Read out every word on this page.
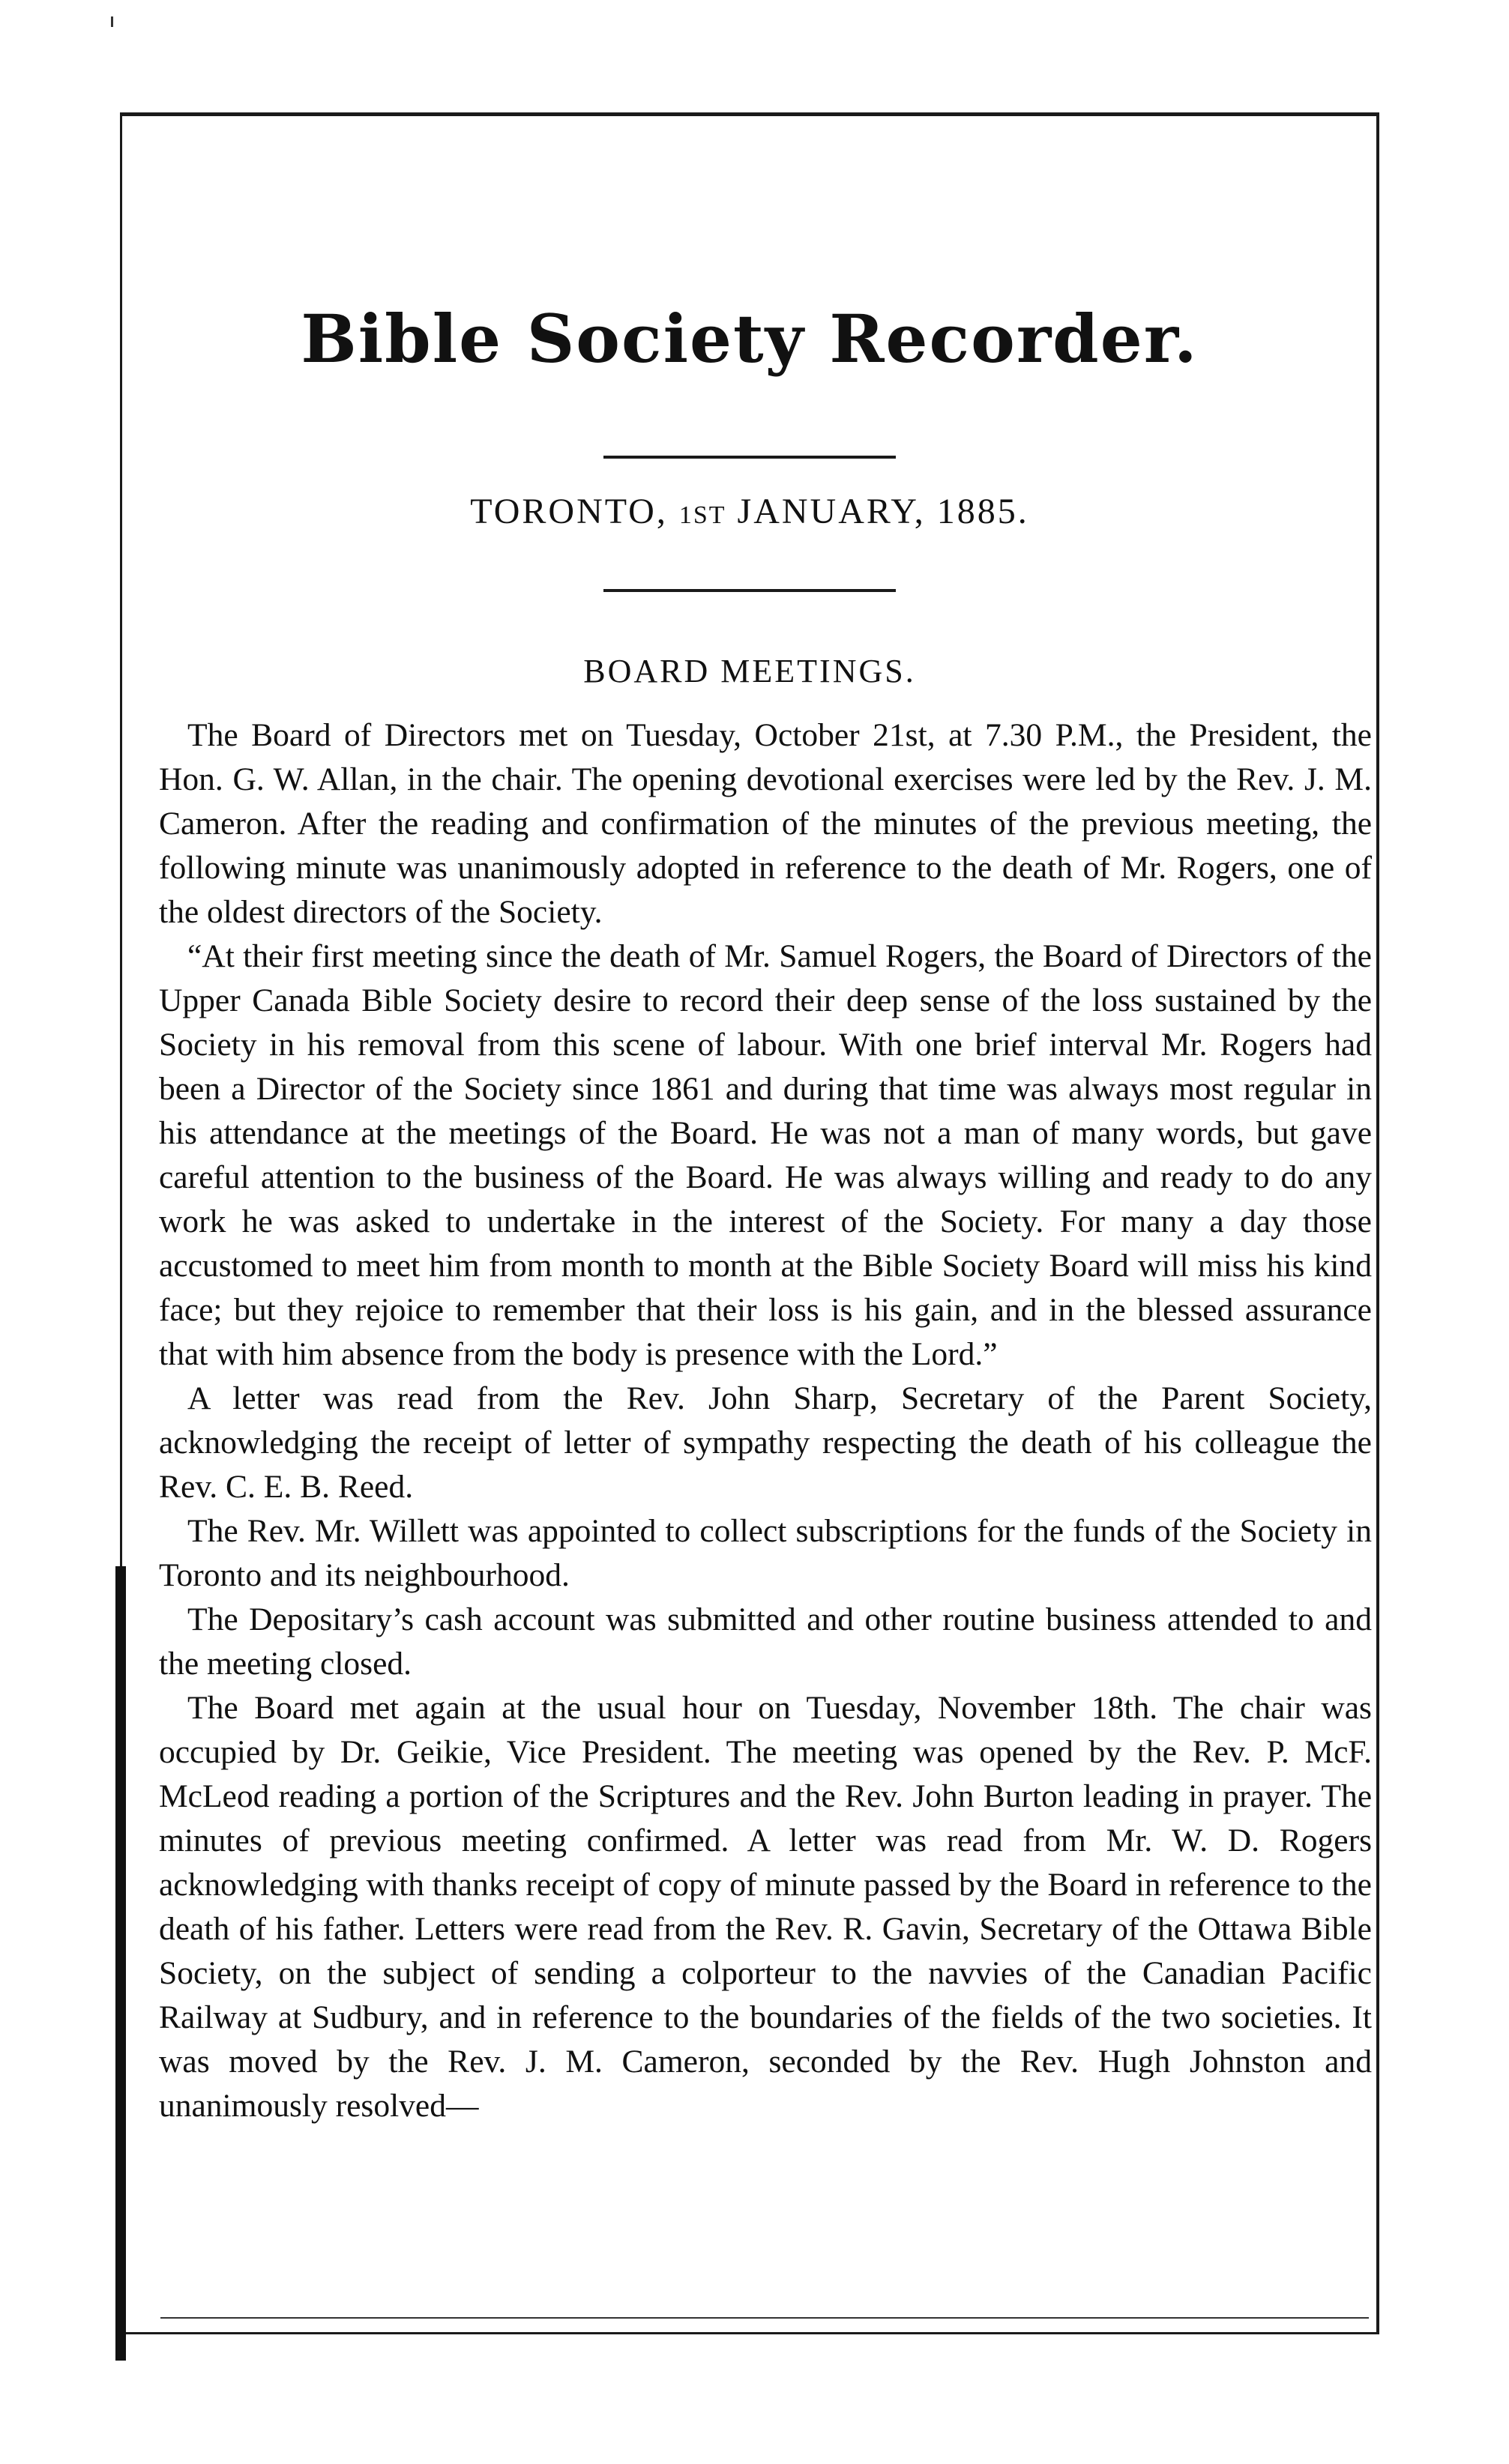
Bible Society Recorder.
TORONTO, 1ST JANUARY, 1885.
BOARD MEETINGS.

The Board of Directors met on Tuesday, October 21st, at 7.30 P.M., the President, the Hon. G. W. Allan, in the chair. The opening devotional exercises were led by the Rev. J. M. Cameron. After the reading and confirmation of the minutes of the previous meeting, the following minute was unanimously adopted in reference to the death of Mr. Rogers, one of the oldest directors of the Society.

“At their first meeting since the death of Mr. Samuel Rogers, the Board of Directors of the Upper Canada Bible Society desire to record their deep sense of the loss sustained by the Society in his removal from this scene of labour. With one brief interval Mr. Rogers had been a Director of the Society since 1861 and during that time was always most regular in his attendance at the meetings of the Board. He was not a man of many words, but gave careful attention to the business of the Board. He was always willing and ready to do any work he was asked to undertake in the interest of the Society. For many a day those accustomed to meet him from month to month at the Bible Society Board will miss his kind face; but they rejoice to remember that their loss is his gain, and in the blessed assurance that with him absence from the body is presence with the Lord.”

A letter was read from the Rev. John Sharp, Secretary of the Parent Society, acknowledging the receipt of letter of sympathy respecting the death of his colleague the Rev. C. E. B. Reed.

The Rev. Mr. Willett was appointed to collect subscriptions for the funds of the Society in Toronto and its neighbourhood.

The Depositary’s cash account was submitted and other routine business attended to and the meeting closed.

The Board met again at the usual hour on Tuesday, November 18th. The chair was occupied by Dr. Geikie, Vice President. The meeting was opened by the Rev. P. McF. McLeod reading a portion of the Scriptures and the Rev. John Burton leading in prayer. The minutes of previous meeting confirmed. A letter was read from Mr. W. D. Rogers acknowledging with thanks receipt of copy of minute passed by the Board in reference to the death of his father. Letters were read from the Rev. R. Gavin, Secretary of the Ottawa Bible Society, on the subject of sending a colporteur to the navvies of the Canadian Pacific Railway at Sudbury, and in reference to the boundaries of the fields of the two societies. It was moved by the Rev. J. M. Cameron, seconded by the Rev. Hugh Johnston and unanimously resolved—
